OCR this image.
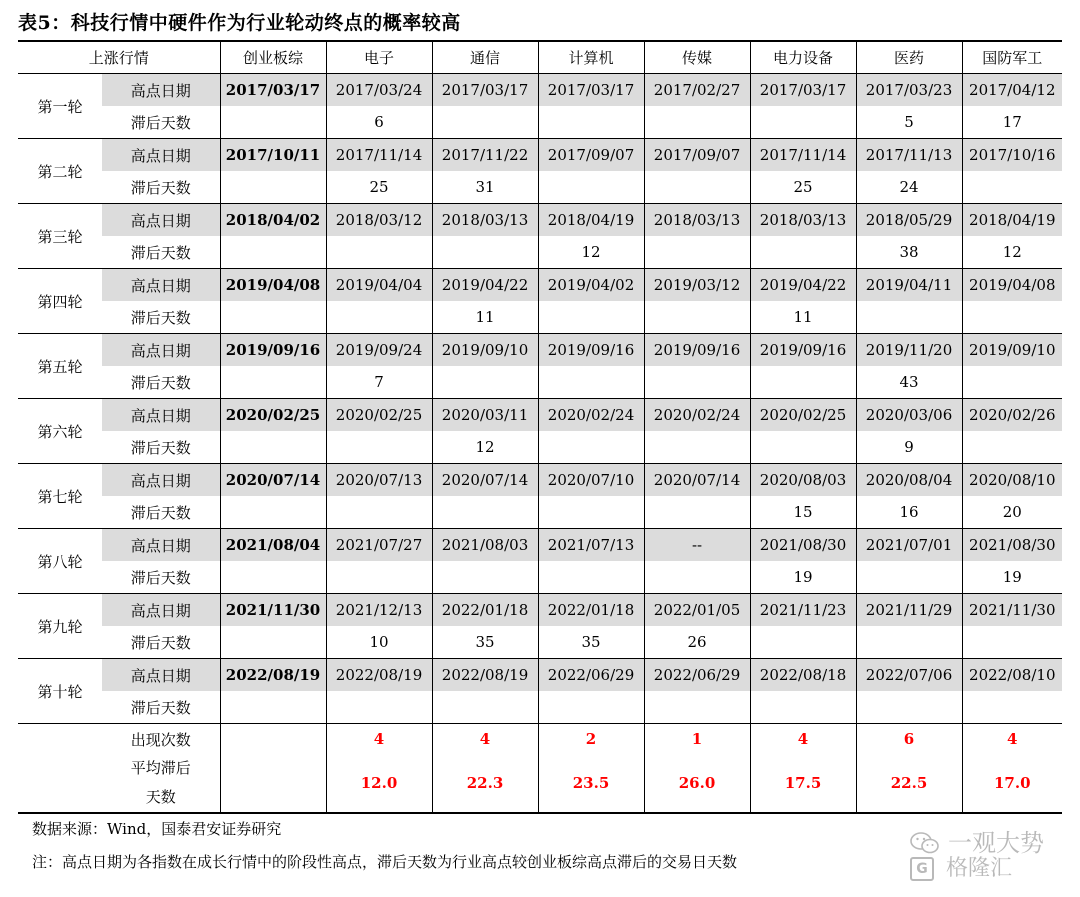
表5：科技行情中硬件作为行业轮动终点的概率较高
上涨行情		创业板综	电子	通信	计算机	传媒	电力设备	医药	国防军工
第一轮	高点日期	2017/03/17	2017/03/24	2017/03/17	2017/03/17	2017/02/27	2017/03/17	2017/03/23	2017/04/12
	滞后天数		6					5	17
第二轮	高点日期	2017/10/11	2017/11/14	2017/11/22	2017/09/07	2017/09/07	2017/11/14	2017/11/13	2017/10/16
	滞后天数		25	31			25	24	
第三轮	高点日期	2018/04/02	2018/03/12	2018/03/13	2018/04/19	2018/03/13	2018/03/13	2018/05/29	2018/04/19
	滞后天数				12			38	12
第四轮	高点日期	2019/04/08	2019/04/04	2019/04/22	2019/04/02	2019/03/12	2019/04/22	2019/04/11	2019/04/08
	滞后天数			11			11		
第五轮	高点日期	2019/09/16	2019/09/24	2019/09/10	2019/09/16	2019/09/16	2019/09/16	2019/11/20	2019/09/10
	滞后天数		7					43	
第六轮	高点日期	2020/02/25	2020/02/25	2020/03/11	2020/02/24	2020/02/24	2020/02/25	2020/03/06	2020/02/26
	滞后天数			12				9	
第七轮	高点日期	2020/07/14	2020/07/13	2020/07/14	2020/07/10	2020/07/14	2020/08/03	2020/08/04	2020/08/10
	滞后天数						15	16	20
第八轮	高点日期	2021/08/04	2021/07/27	2021/08/03	2021/07/13	--	2021/08/30	2021/07/01	2021/08/30
	滞后天数						19		19
第九轮	高点日期	2021/11/30	2021/12/13	2022/01/18	2022/01/18	2022/01/05	2021/11/23	2021/11/29	2021/11/30
	滞后天数		10	35	35	26			
第十轮	高点日期	2022/08/19	2022/08/19	2022/08/19	2022/06/29	2022/06/29	2022/08/18	2022/07/06	2022/08/10
	滞后天数								
	出现次数		4	4	2	1	4	6	4

	平均滞后
天数		12.0	22.3	23.5	26.0	17.5	22.5	17.0
数据来源：Wind，国泰君安证券研究
注：高点日期为各指数在成长行情中的阶段性高点，滞后天数为行业高点较创业板综高点滞后的交易日天数
一观大势
G 格隆汇
